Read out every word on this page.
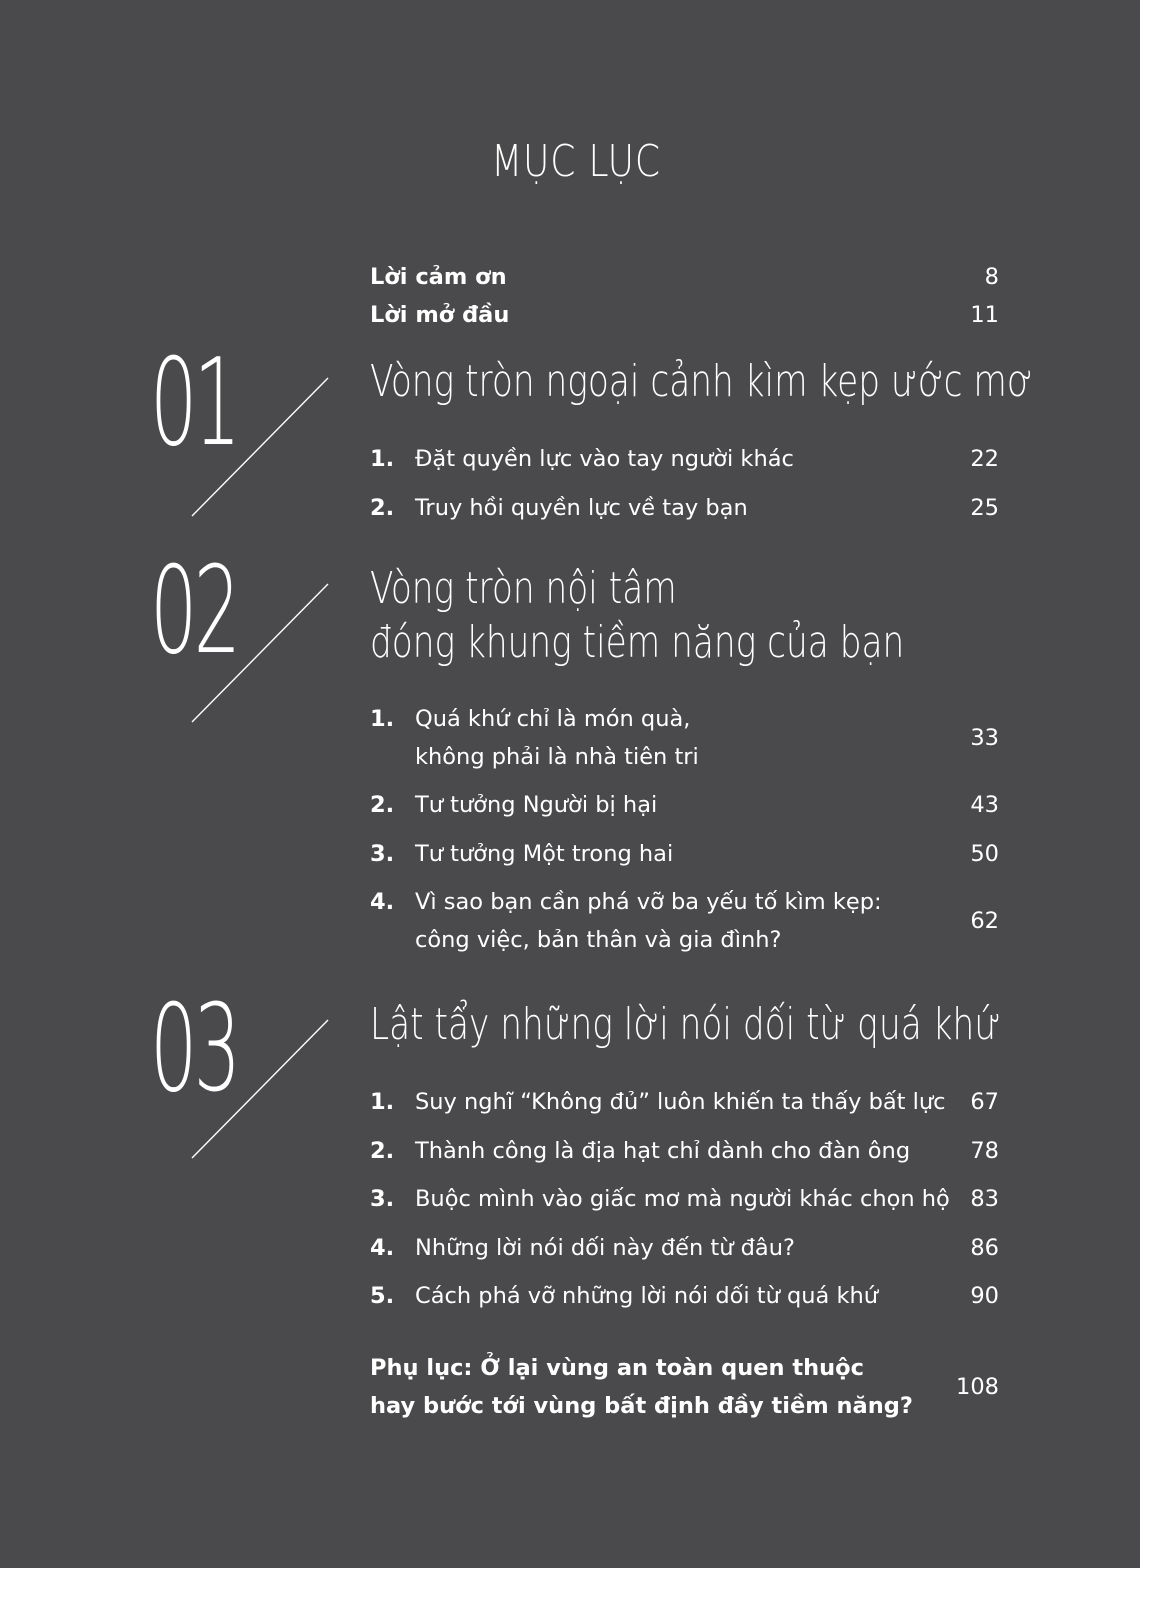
MỤC LỤC
Lời cảm ơn	8
Lời mở đầu	11
01	Vòng tròn ngoại cảnh kìm kẹp ước mơ
1. Đặt quyền lực vào tay người khác	22
2. Truy hồi quyền lực về tay bạn	25
02	Vòng tròn nội tâm
đóng khung tiềm năng của bạn
1. Quá khứ chỉ là món quà,
không phải là nhà tiên tri
33
2. Tư tưởng Người bị hại	43
3. Tư tưởng Một trong hai	50
4. Vì sao bạn cần phá vỡ ba yếu tố kìm kẹp:
công việc, bản thân và gia đình?
62
03	Lật tẩy những lời nói dối từ quá khứ
1. Suy nghĩ “Không đủ” luôn khiến ta thấy bất lực	67
2. Thành công là địa hạt chỉ dành cho đàn ông	78
3. Buộc mình vào giấc mơ mà người khác chọn hộ 83
4. Những lời nói dối này đến từ đâu?	86
5. Cách phá vỡ những lời nói dối từ quá khứ	90
Phụ lục: Ở lại vùng an toàn quen thuộc
hay bước tới vùng bất định đầy tiềm năng?
108
